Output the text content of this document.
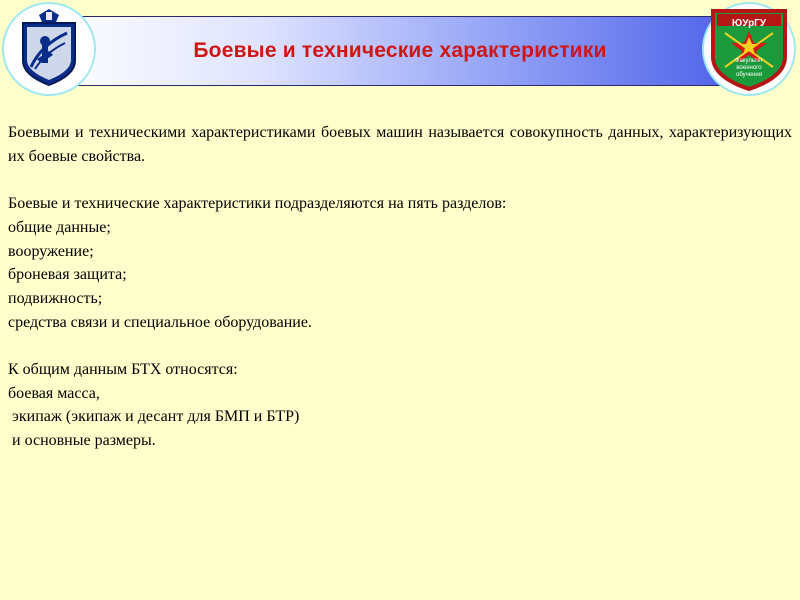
ЮУрГУ
Факультет
военного
обучения
Боевые и технические характеристики

Боевыми и техническими характеристиками боевых машин называется совокупность данных, характеризующих их боевые свойства.

Боевые и технические характеристики подразделяются на пять разделов:

общие данные;

вооружение;

броневая защита;

подвижность;

средства связи и специальное оборудование.

К общим данным БТХ относятся:

боевая масса,

экипаж (экипаж и десант для БМП и БТР)

и основные размеры.
